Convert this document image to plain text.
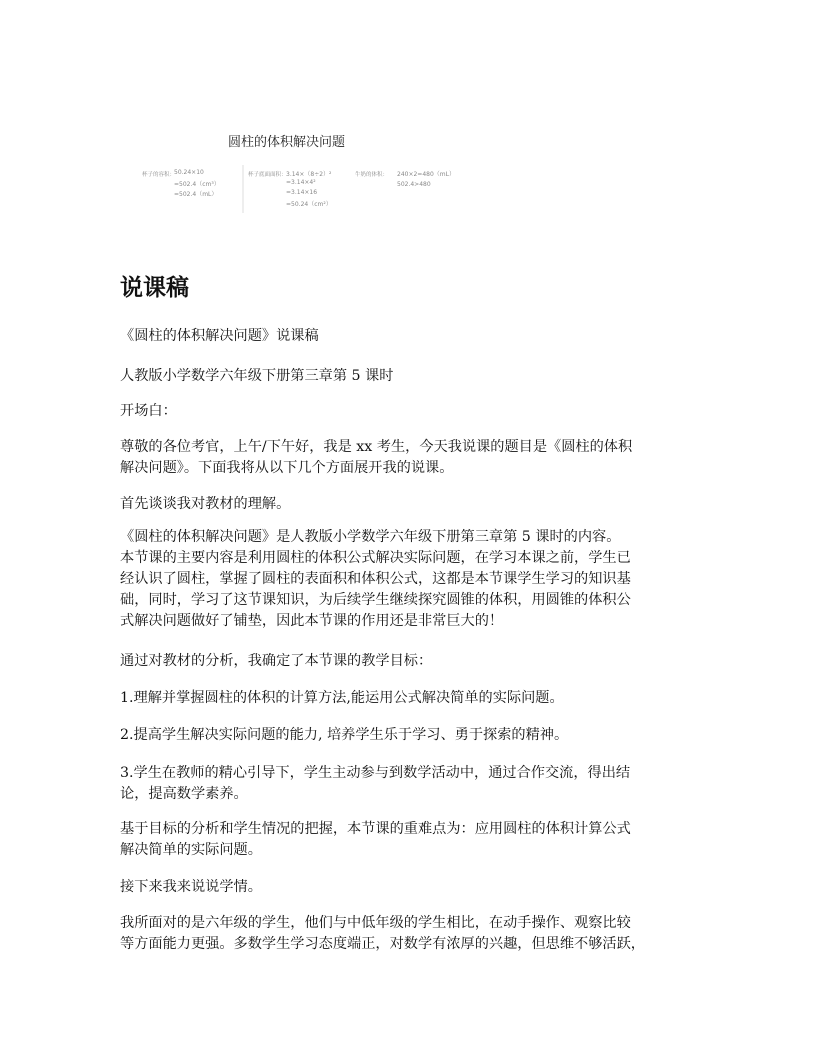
圆柱的体积解决问题
杯子的容积：
50.24×10
=502.4（cm³）
=502.4（mL）
杯子底面面积： 3.14×（8÷2）²
=3.14×4²
=3.14×16
=50.24（cm²）
牛奶的体积： 240×2=480（mL）
502.4>480
说课稿

《圆柱的体积解决问题》说课稿

人教版小学数学六年级下册第三章第 5 课时

开场白：

尊敬的各位考官，上午/下午好，我是 xx 考生，今天我说课的题目是《圆柱的体积
解决问题》。下面我将从以下几个方面展开我的说课。

首先谈谈我对教材的理解。

《圆柱的体积解决问题》是人教版小学数学六年级下册第三章第 5 课时的内容。
本节课的主要内容是利用圆柱的体积公式解决实际问题，在学习本课之前，学生已
经认识了圆柱，掌握了圆柱的表面积和体积公式，这都是本节课学生学习的知识基
础，同时，学习了这节课知识，为后续学生继续探究圆锥的体积，用圆锥的体积公
式解决问题做好了铺垫，因此本节课的作用还是非常巨大的！

通过对教材的分析，我确定了本节课的教学目标：

1.理解并掌握圆柱的体积的计算方法,能运用公式解决简单的实际问题。

2.提高学生解决实际问题的能力, 培养学生乐于学习、勇于探索的精神。

3.学生在教师的精心引导下，学生主动参与到数学活动中，通过合作交流，得出结
论，提高数学素养。

基于目标的分析和学生情况的把握，本节课的重难点为：应用圆柱的体积计算公式
解决简单的实际问题。

接下来我来说说学情。

我所面对的是六年级的学生，他们与中低年级的学生相比，在动手操作、观察比较
等方面能力更强。多数学生学习态度端正，对数学有浓厚的兴趣，但思维不够活跃，
